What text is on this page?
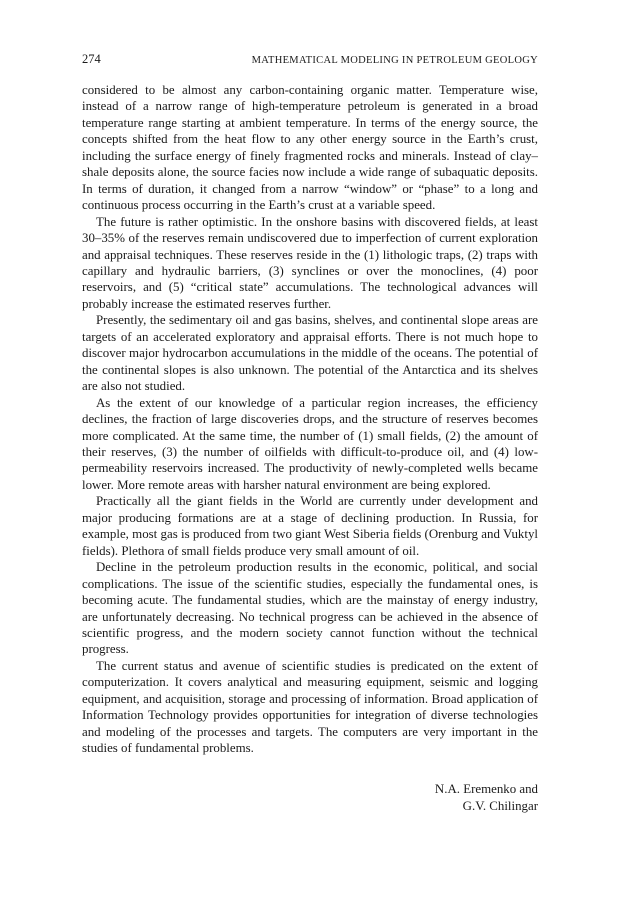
274	MATHEMATICAL MODELING IN PETROLEUM GEOLOGY

considered to be almost any carbon-containing organic matter. Temperature wise, instead of a narrow range of high-temperature petroleum is generated in a broad temperature range starting at ambient temperature. In terms of the energy source, the concepts shifted from the heat flow to any other energy source in the Earth’s crust, including the surface energy of finely fragmented rocks and minerals. Instead of clay–shale deposits alone, the source facies now include a wide range of subaquatic deposits. In terms of duration, it changed from a narrow “window” or “phase” to a long and continuous process occurring in the Earth’s crust at a variable speed.

The future is rather optimistic. In the onshore basins with discovered fields, at least 30–35% of the reserves remain undiscovered due to imperfection of current exploration and appraisal techniques. These reserves reside in the (1) lithologic traps, (2) traps with capillary and hydraulic barriers, (3) synclines or over the monoclines, (4) poor reservoirs, and (5) “critical state” accumulations. The technological advances will probably increase the estimated reserves further.

Presently, the sedimentary oil and gas basins, shelves, and continental slope areas are targets of an accelerated exploratory and appraisal efforts. There is not much hope to discover major hydrocarbon accumulations in the middle of the oceans. The potential of the continental slopes is also unknown. The potential of the Antarctica and its shelves are also not studied.

As the extent of our knowledge of a particular region increases, the efficiency declines, the fraction of large discoveries drops, and the structure of reserves becomes more complicated. At the same time, the number of (1) small fields, (2) the amount of their reserves, (3) the number of oilfields with difficult-to-produce oil, and (4) low-permeability reservoirs increased. The productivity of newly-completed wells became lower. More remote areas with harsher natural environment are being explored.

Practically all the giant fields in the World are currently under development and major producing formations are at a stage of declining production. In Russia, for example, most gas is produced from two giant West Siberia fields (Orenburg and Vuktyl fields). Plethora of small fields produce very small amount of oil.

Decline in the petroleum production results in the economic, political, and social complications. The issue of the scientific studies, especially the fundamental ones, is becoming acute. The fundamental studies, which are the mainstay of energy industry, are unfortunately decreasing. No technical progress can be achieved in the absence of scientific progress, and the modern society cannot function without the technical progress.

The current status and avenue of scientific studies is predicated on the extent of computerization. It covers analytical and measuring equipment, seismic and logging equipment, and acquisition, storage and processing of information. Broad application of Information Technology provides opportunities for integration of diverse technologies and modeling of the processes and targets. The computers are very important in the studies of fundamental problems.

N.A. Eremenko and
G.V. Chilingar
